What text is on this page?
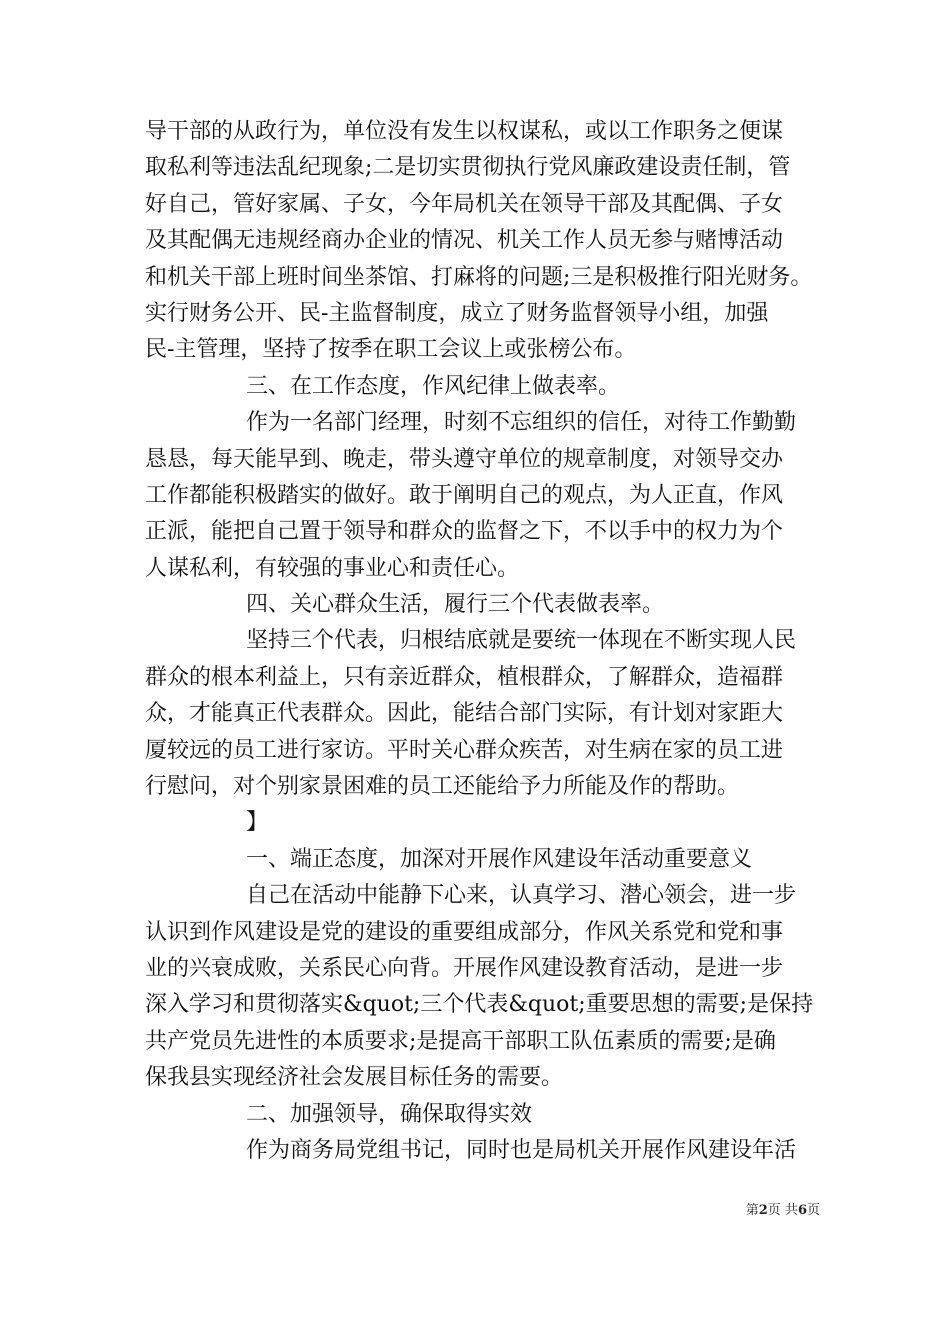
导干部的从政行为，单位没有发生以权谋私，或以工作职务之便谋
取私利等违法乱纪现象;二是切实贯彻执行党风廉政建设责任制，管
好自己，管好家属、子女，今年局机关在领导干部及其配偶、子女
及其配偶无违规经商办企业的情况、机关工作人员无参与赌博活动
和机关干部上班时间坐茶馆、打麻将的问题;三是积极推行阳光财务。
实行财务公开、民-主监督制度，成立了财务监督领导小组，加强
民-主管理，坚持了按季在职工会议上或张榜公布。
三、在工作态度，作风纪律上做表率。
作为一名部门经理，时刻不忘组织的信任，对待工作勤勤
恳恳，每天能早到、晚走，带头遵守单位的规章制度，对领导交办
工作都能积极踏实的做好。敢于阐明自己的观点，为人正直，作风
正派，能把自己置于领导和群众的监督之下，不以手中的权力为个
人谋私利，有较强的事业心和责任心。
四、关心群众生活，履行三个代表做表率。
坚持三个代表，归根结底就是要统一体现在不断实现人民
群众的根本利益上，只有亲近群众，植根群众，了解群众，造福群
众，才能真正代表群众。因此，能结合部门实际，有计划对家距大
厦较远的员工进行家访。平时关心群众疾苦，对生病在家的员工进
行慰问，对个别家景困难的员工还能给予力所能及作的帮助。
】
一、端正态度，加深对开展作风建设年活动重要意义
自己在活动中能静下心来，认真学习、潜心领会，进一步
认识到作风建设是党的建设的重要组成部分，作风关系党和党和事
业的兴衰成败，关系民心向背。开展作风建设教育活动，是进一步
深入学习和贯彻落实&quot;三个代表&quot;重要思想的需要;是保持
共产党员先进性的本质要求;是提高干部职工队伍素质的需要;是确
保我县实现经济社会发展目标任务的需要。
二、加强领导，确保取得实效
作为商务局党组书记，同时也是局机关开展作风建设年活
第2页 共6页
